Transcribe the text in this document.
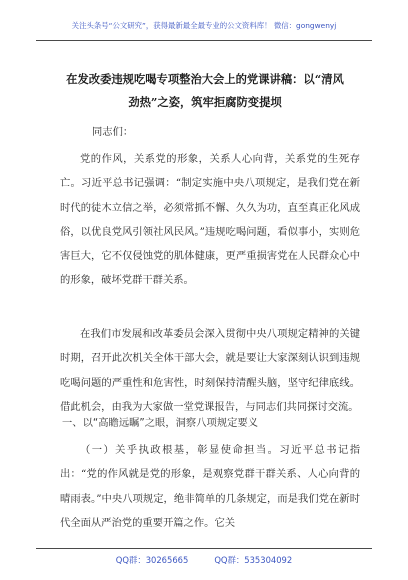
关注头条号“公文研究”，获得最新最全最专业的公文资料库！ 微信：gongwenyj
在发改委违规吃喝专项整治大会上的党课讲稿：以“清风
劲热”之姿，筑牢拒腐防变提坝
同志们：
党的作风，关系党的形象，关系人心向背，关系党的生死存亡。习近平总书记强调：“制定实施中央八项规定，是我们党在新时代的徒木立信之举，必须常抓不懈、久久为功，直至真正化风成俗，以优良党风引领社风民风。”违规吃喝问题，看似事小，实则危害巨大，它不仅侵蚀党的肌体健康，更严重损害党在人民群众心中的形象，破坏党群干群关系。
在我们市发展和改革委员会深入贯彻中央八项规定精神的关键时期，召开此次机关全体干部大会，就是要让大家深刻认识到违规吃喝问题的严重性和危害性，时刻保持清醒头脑，坚守纪律底线。借此机会，由我为大家做一堂党课报告，与同志们共同探讨交流。
一、以“高瞻远瞩”之眼，洞察八项规定要义
（一）关乎执政根基，彰显使命担当。习近平总书记指出：“党的作风就是党的形象，是观察党群干群关系、人心向背的晴雨表。”中央八项规定，绝非简单的几条规定，而是我们党在新时代全面从严治党的重要开篇之作。它关
QQ群：30265665	QQ群：535304092
